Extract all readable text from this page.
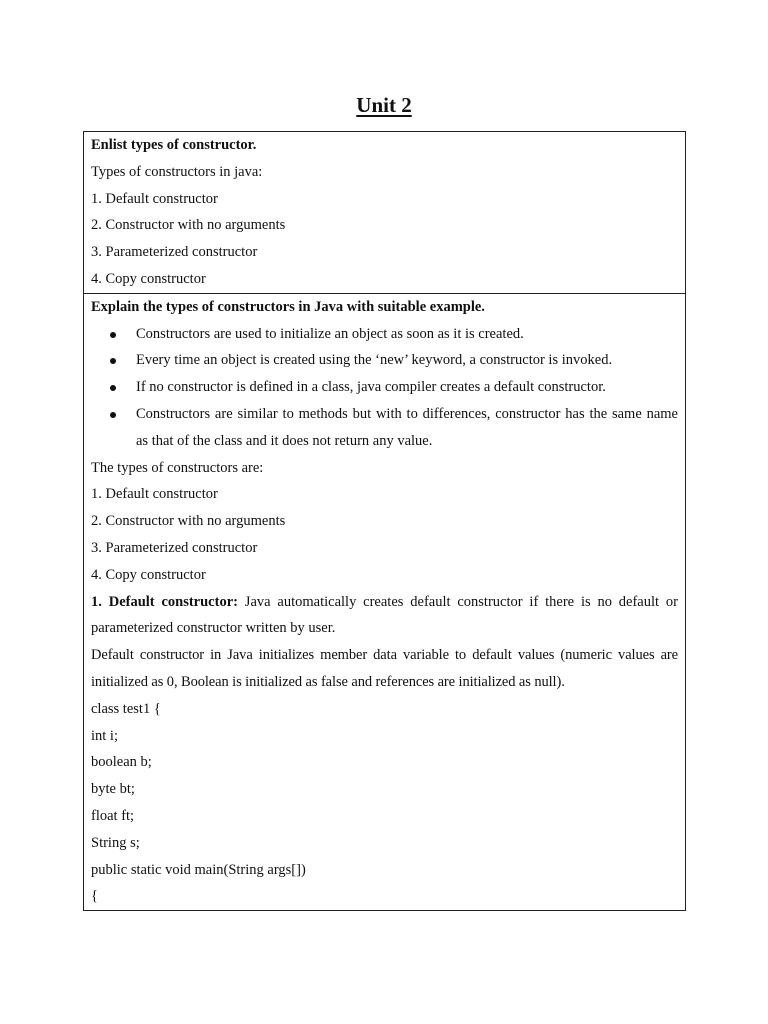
Unit 2
Enlist types of constructor.
Types of constructors in java:
1. Default constructor
2. Constructor with no arguments
3. Parameterized constructor
4. Copy constructor
Explain the types of constructors in Java with suitable example.
Constructors are used to initialize an object as soon as it is created.
Every time an object is created using the ‘new’ keyword, a constructor is invoked.
If no constructor is defined in a class, java compiler creates a default constructor.
Constructors are similar to methods but with to differences, constructor has the same name as that of the class and it does not return any value.
The types of constructors are:
1. Default constructor
2. Constructor with no arguments
3. Parameterized constructor
4. Copy constructor
1. Default constructor: Java automatically creates default constructor if there is no default or parameterized constructor written by user.
Default constructor in Java initializes member data variable to default values (numeric values are initialized as 0, Boolean is initialized as false and references are initialized as null).
class test1 {
int i;
boolean b;
byte bt;
float ft;
String s;
public static void main(String args[])
{
